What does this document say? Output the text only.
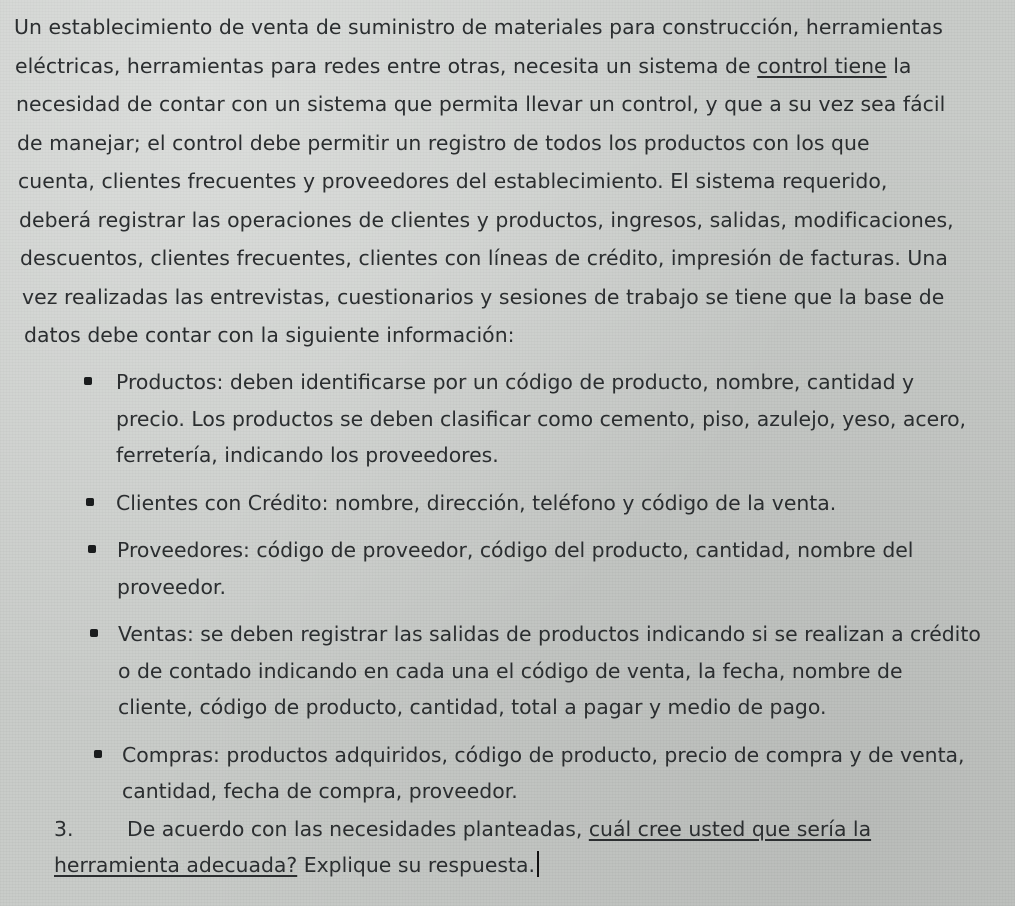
Un establecimiento de venta de suministro de materiales para construcción, herramientas
eléctricas, herramientas para redes entre otras, necesita un sistema de control tiene la
necesidad de contar con un sistema que permita llevar un control, y que a su vez sea fácil
de manejar; el control debe permitir un registro de todos los productos con los que
cuenta, clientes frecuentes y proveedores del establecimiento. El sistema requerido,
deberá registrar las operaciones de clientes y productos, ingresos, salidas, modificaciones,
descuentos, clientes frecuentes, clientes con líneas de crédito, impresión de facturas. Una
vez realizadas las entrevistas, cuestionarios y sesiones de trabajo se tiene que la base de
datos debe contar con la siguiente información:

Productos: deben identificarse por un código de producto, nombre, cantidad y
precio. Los productos se deben clasificar como cemento, piso, azulejo, yeso, acero,
ferretería, indicando los proveedores.
Clientes con Crédito: nombre, dirección, teléfono y código de la venta.
Proveedores: código de proveedor, código del producto, cantidad, nombre del
proveedor.
Ventas: se deben registrar las salidas de productos indicando si se realizan a crédito
o de contado indicando en cada una el código de venta, la fecha, nombre de
cliente, código de producto, cantidad, total a pagar y medio de pago.
Compras: productos adquiridos, código de producto, precio de compra y de venta,
cantidad, fecha de compra, proveedor.
3.	De acuerdo con las necesidades planteadas, cuál cree usted que sería la
herramienta adecuada? Explique su respuesta.
